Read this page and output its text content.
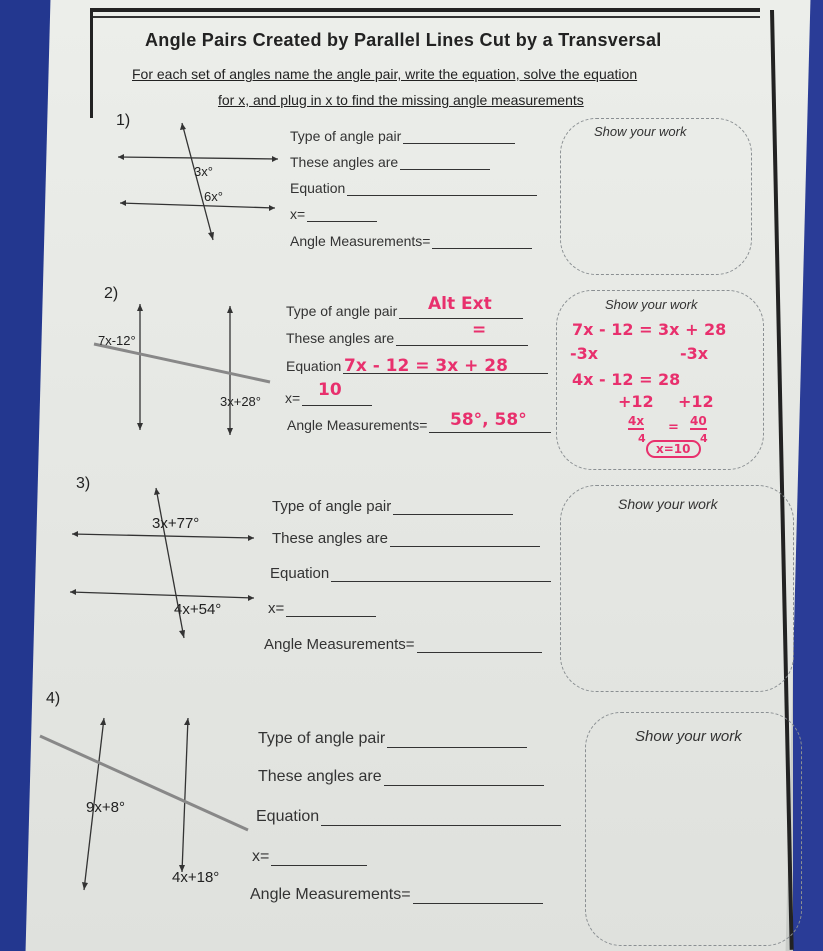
Angle Pairs Created by Parallel Lines Cut by a Transversal
For each set of angles name the angle pair, write the equation, solve the equation
for x, and plug in x to find the missing angle measurements
1)
3x°
6x°
Type of angle pair
These angles are
Equation
x=
Angle Measurements=
Show your work
2)
7x-12°
3x+28°
Type of angle pair	Alt Ext
These angles are	=
Equation 7x - 12 = 3x + 28
x=	10
Angle Measurements=	58°, 58°
Show your work
7x - 12 = 3x + 28
-3x	-3x
4x - 12 = 28
+12 +12
4x
4
= 40
4
x=10
3)
3x+77°
4x+54°
Type of angle pair
These angles are
Equation
x=
Angle Measurements=
Show your work
4)
9x+8°
4x+18°
Type of angle pair
These angles are
Equation
x=
Angle Measurements=
Show your work
